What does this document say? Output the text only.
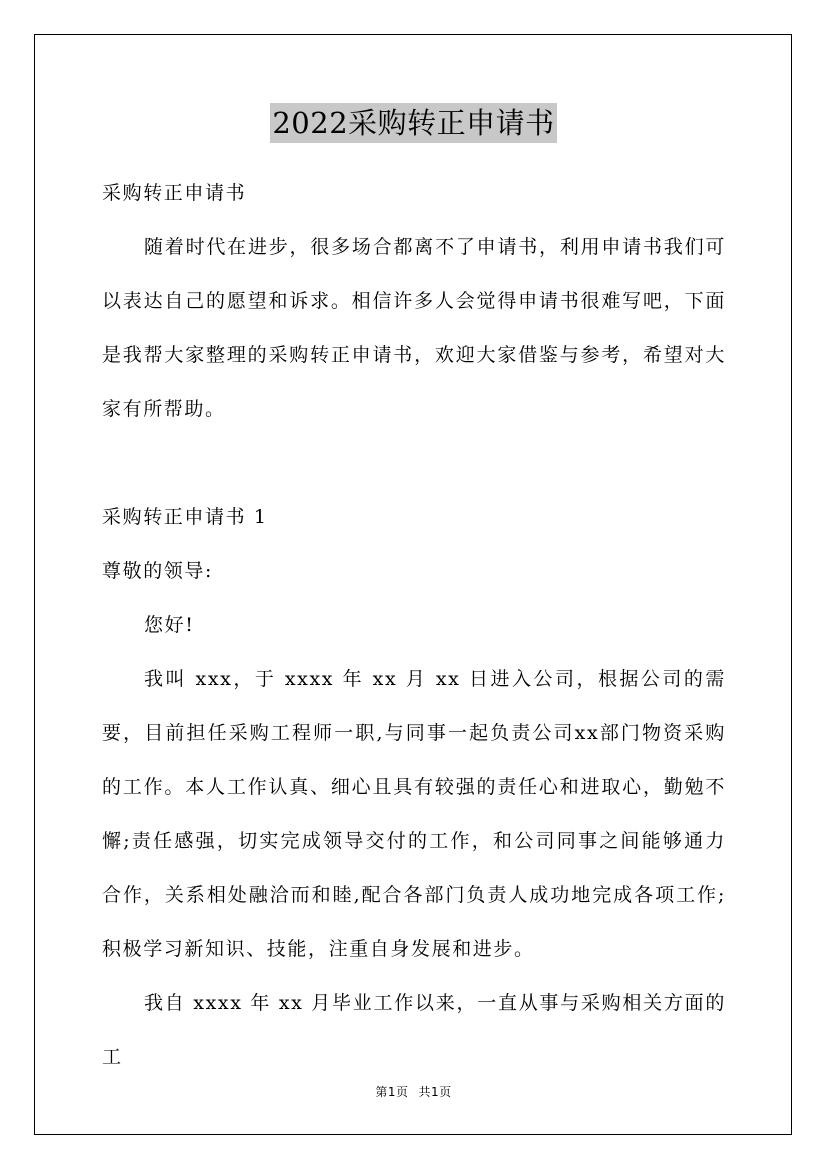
2022采购转正申请书

采购转正申请书

随着时代在进步，很多场合都离不了申请书，利用申请书我们可以表达自己的愿望和诉求。相信许多人会觉得申请书很难写吧，下面是我帮大家整理的采购转正申请书，欢迎大家借鉴与参考，希望对大家有所帮助。

采购转正申请书 1

尊敬的领导:

您好!

我叫 xxx，于 xxxx 年 xx 月 xx 日进入公司，根据公司的需要，目前担任采购工程师一职,与同事一起负责公司xx部门物资采购的工作。本人工作认真、细心且具有较强的责任心和进取心，勤勉不懈;责任感强，切实完成领导交付的工作，和公司同事之间能够通力合作，关系相处融洽而和睦,配合各部门负责人成功地完成各项工作;积极学习新知识、技能，注重自身发展和进步。

我自 xxxx 年 xx 月毕业工作以来，一直从事与采购相关方面的工

第1页 共1页
